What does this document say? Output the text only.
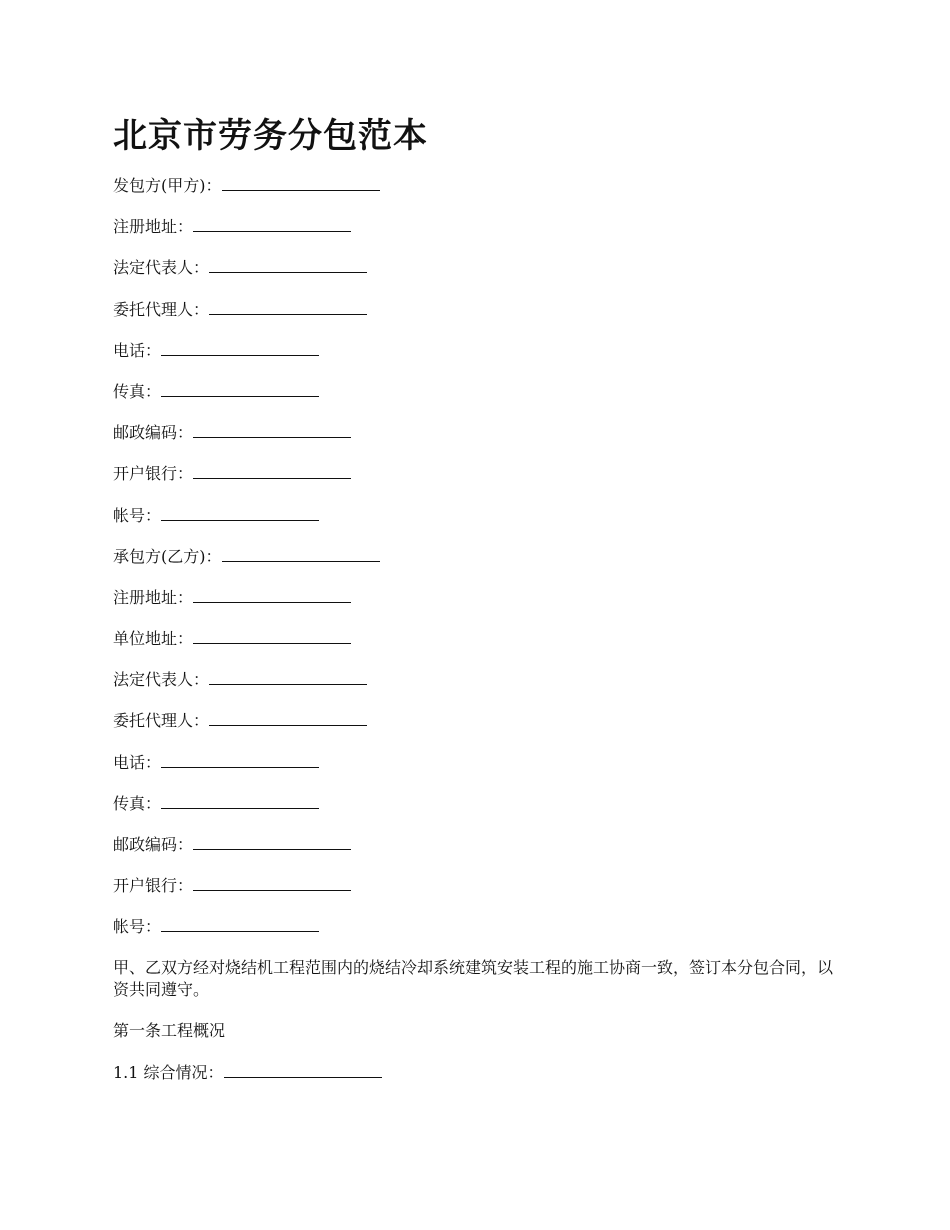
北京市劳务分包范本
发包方(甲方)：
注册地址：
法定代表人：
委托代理人：
电话：
传真：
邮政编码：
开户银行：
帐号：
承包方(乙方)：
注册地址：
单位地址：
法定代表人：
委托代理人：
电话：
传真：
邮政编码：
开户银行：
帐号：

甲、乙双方经对烧结机工程范围内的烧结冷却系统建筑安装工程的施工协商一致，签订本分包合同，以资共同遵守。

第一条工程概况
1.1 综合情况：
